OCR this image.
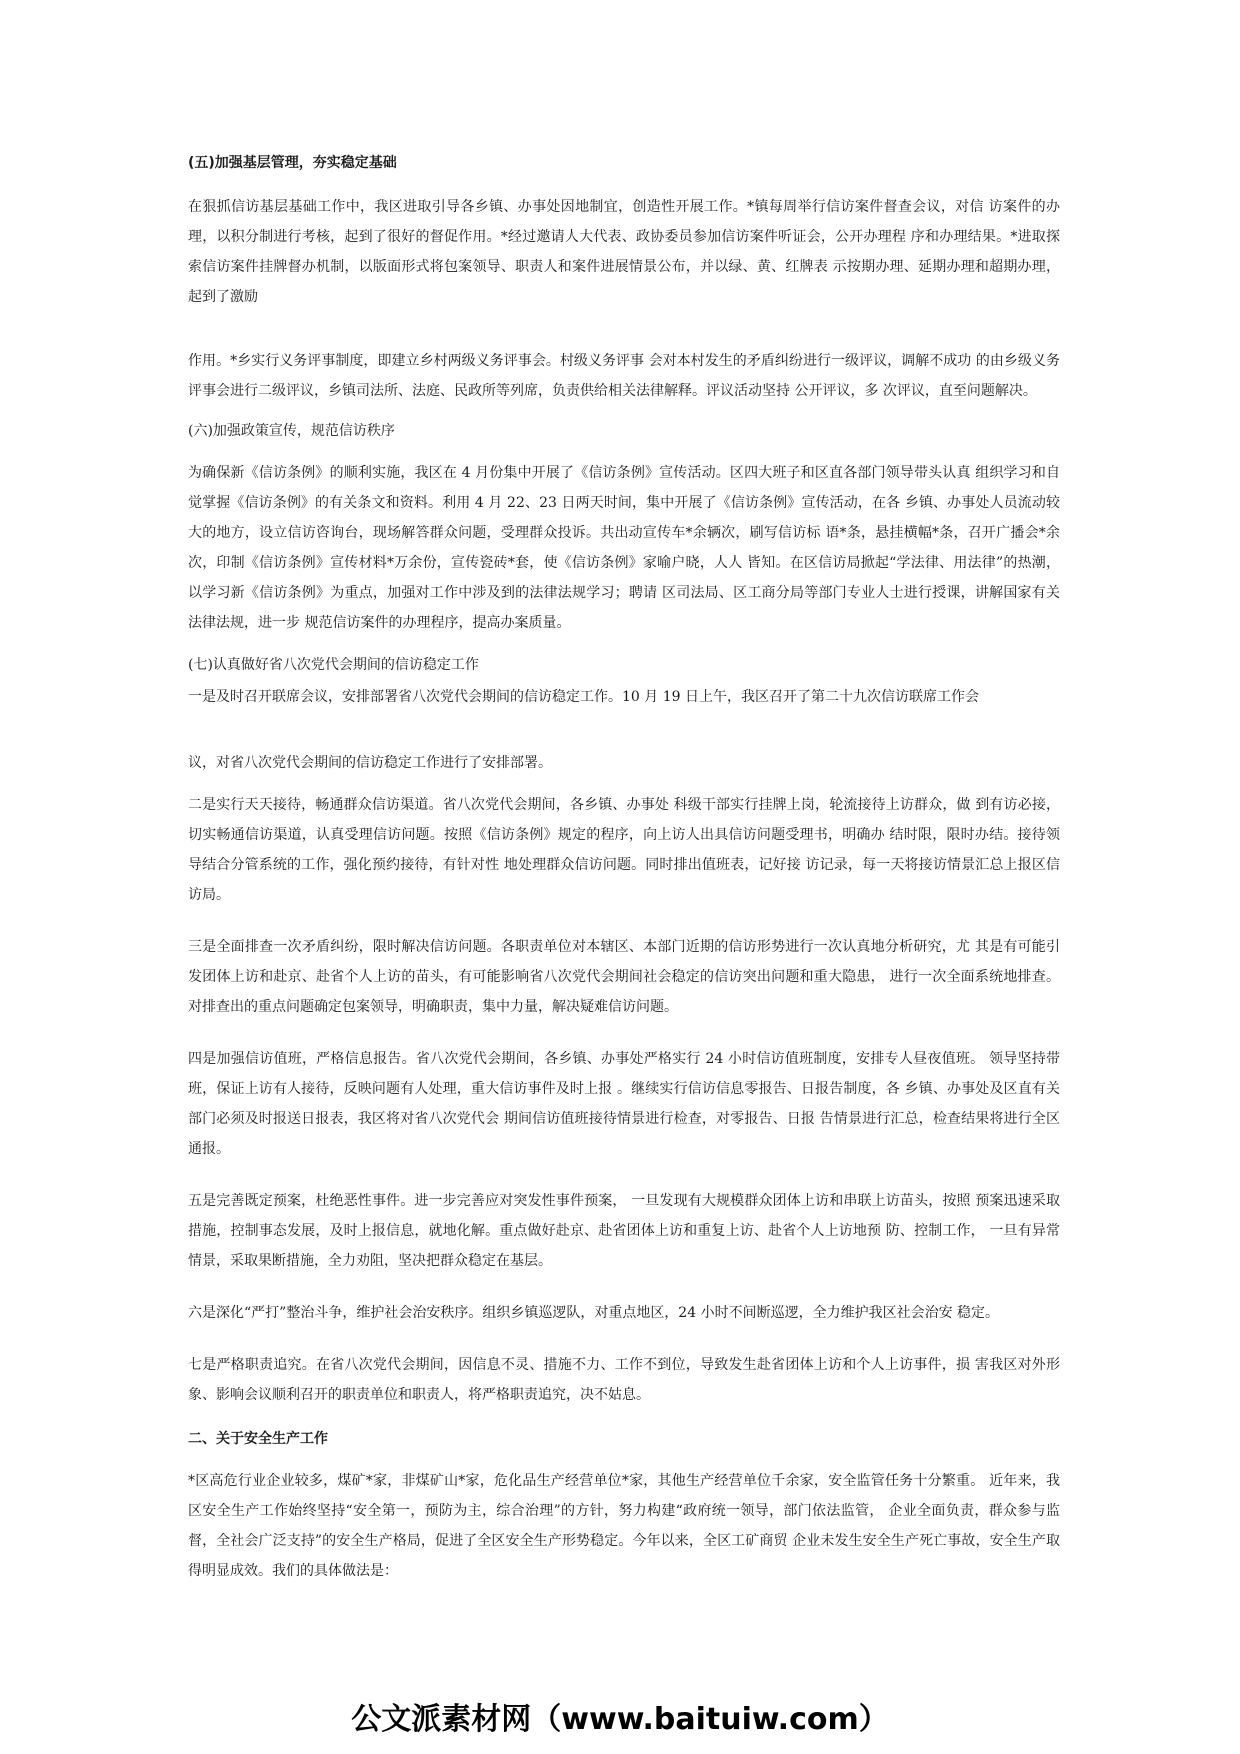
(五)加强基层管理，夯实稳定基础

在狠抓信访基层基础工作中，我区进取引导各乡镇、办事处因地制宜，创造性开展工作。*镇每周举行信访案件督查会议，对信 访案件的办理，以积分制进行考核，起到了很好的督促作用。*经过邀请人大代表、政协委员参加信访案件听证会，公开办理程 序和办理结果。*进取探索信访案件挂牌督办机制，以版面形式将包案领导、职责人和案件进展情景公布，并以绿、黄、红牌表 示按期办理、延期办理和超期办理，起到了激励

作用。*乡实行义务评事制度，即建立乡村两级义务评事会。村级义务评事 会对本村发生的矛盾纠纷进行一级评议，调解不成功 的由乡级义务评事会进行二级评议，乡镇司法所、法庭、民政所等列席，负责供给相关法律解释。评议活动坚持 公开评议，多 次评议，直至问题解决。

(六)加强政策宣传，规范信访秩序

为确保新《信访条例》的顺利实施，我区在 4 月份集中开展了《信访条例》宣传活动。区四大班子和区直各部门领导带头认真 组织学习和自觉掌握《信访条例》的有关条文和资料。利用 4 月 22、23 日两天时间，集中开展了《信访条例》宣传活动，在各 乡镇、办事处人员流动较大的地方，设立信访咨询台，现场解答群众问题，受理群众投诉。共出动宣传车*余辆次，刷写信访标 语*条，悬挂横幅*条，召开广播会*余次，印制《信访条例》宣传材料*万余份，宣传瓷砖*套，使《信访条例》家喻户晓，人人 皆知。在区信访局掀起“学法律、用法律”的热潮，以学习新《信访条例》为重点，加强对工作中涉及到的法律法规学习；聘请 区司法局、区工商分局等部门专业人士进行授课，讲解国家有关法律法规，进一步 规范信访案件的办理程序，提高办案质量。

(七)认真做好省八次党代会期间的信访稳定工作

一是及时召开联席会议，安排部署省八次党代会期间的信访稳定工作。10 月 19 日上午，我区召开了第二十九次信访联席工作会

议，对省八次党代会期间的信访稳定工作进行了安排部署。

二是实行天天接待，畅通群众信访渠道。省八次党代会期间，各乡镇、办事处 科级干部实行挂牌上岗，轮流接待上访群众，做 到有访必接，切实畅通信访渠道，认真受理信访问题。按照《信访条例》规定的程序，向上访人出具信访问题受理书，明确办 结时限，限时办结。接待领导结合分管系统的工作，强化预约接待，有针对性 地处理群众信访问题。同时排出值班表，记好接 访记录，每一天将接访情景汇总上报区信访局。

三是全面排查一次矛盾纠纷，限时解决信访问题。各职责单位对本辖区、本部门近期的信访形势进行一次认真地分析研究，尤 其是有可能引发团体上访和赴京、赴省个人上访的苗头，有可能影响省八次党代会期间社会稳定的信访突出问题和重大隐患， 进行一次全面系统地排查。对排查出的重点问题确定包案领导，明确职责，集中力量，解决疑难信访问题。

四是加强信访值班，严格信息报告。省八次党代会期间，各乡镇、办事处严格实行 24 小时信访值班制度，安排专人昼夜值班。 领导坚持带班，保证上访有人接待，反映问题有人处理，重大信访事件及时上报 。继续实行信访信息零报告、日报告制度，各 乡镇、办事处及区直有关部门必须及时报送日报表，我区将对省八次党代会 期间信访值班接待情景进行检查，对零报告、日报 告情景进行汇总，检查结果将进行全区通报。

五是完善既定预案，杜绝恶性事件。进一步完善应对突发性事件预案， 一旦发现有大规模群众团体上访和串联上访苗头，按照 预案迅速采取措施，控制事态发展，及时上报信息，就地化解。重点做好赴京、赴省团体上访和重复上访、赴省个人上访地预 防、控制工作， 一旦有异常情景，采取果断措施，全力劝阻，坚决把群众稳定在基层。

六是深化“严打”整治斗争，维护社会治安秩序。组织乡镇巡逻队，对重点地区，24 小时不间断巡逻，全力维护我区社会治安 稳定。

七是严格职责追究。在省八次党代会期间，因信息不灵、措施不力、工作不到位，导致发生赴省团体上访和个人上访事件，损 害我区对外形象、影响会议顺利召开的职责单位和职责人，将严格职责追究，决不姑息。

二、关于安全生产工作

*区高危行业企业较多，煤矿*家，非煤矿山*家，危化品生产经营单位*家，其他生产经营单位千余家，安全监管任务十分繁重。 近年来，我区安全生产工作始终坚持“安全第一，预防为主，综合治理”的方针，努力构建“政府统一领导，部门依法监管， 企业全面负责，群众参与监督，全社会广泛支持”的安全生产格局，促进了全区安全生产形势稳定。今年以来，全区工矿商贸 企业未发生安全生产死亡事故，安全生产取得明显成效。我们的具体做法是：

公文派素材网（www.baituiw.com）
